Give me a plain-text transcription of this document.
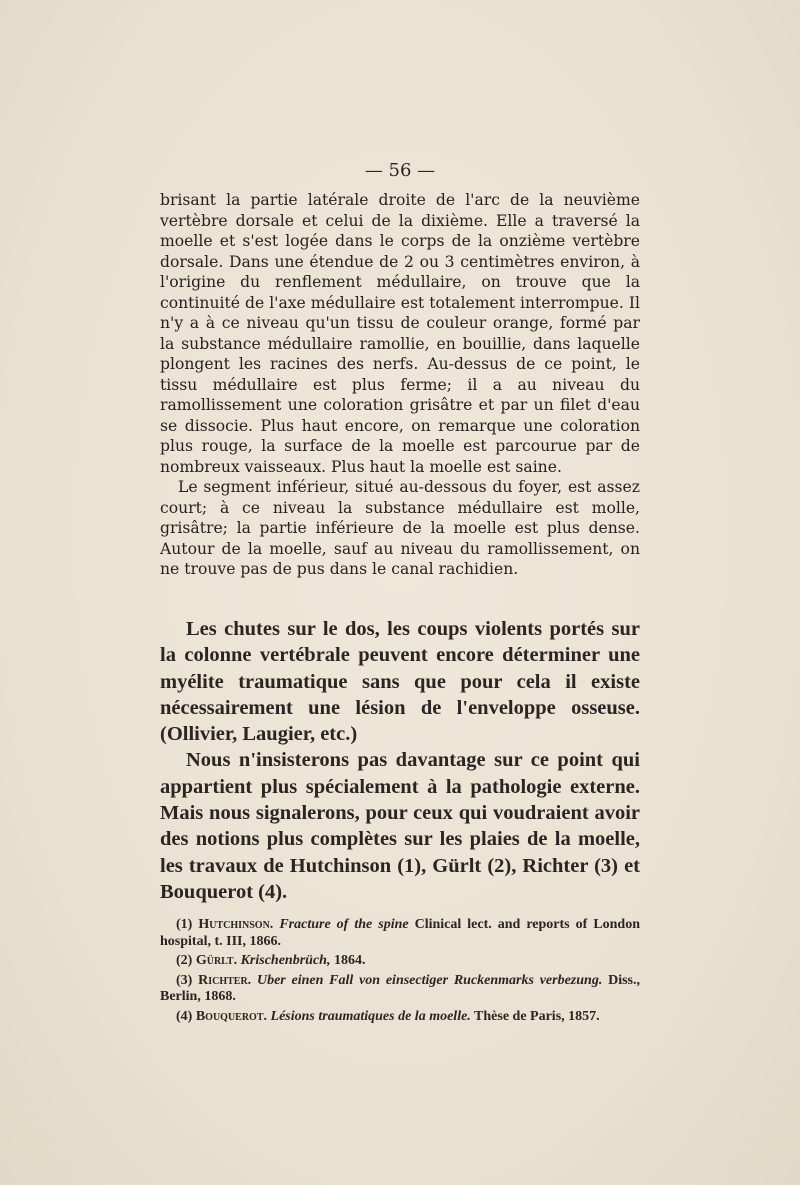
— 56 —

brisant la partie latérale droite de l'arc de la neuvième vertèbre dorsale et celui de la dixième. Elle a traversé la moelle et s'est logée dans le corps de la onzième vertèbre dorsale. Dans une étendue de 2 ou 3 centimètres environ, à l'origine du renflement médullaire, on trouve que la continuité de l'axe médullaire est totalement interrompue. Il n'y a à ce niveau qu'un tissu de couleur orange, formé par la substance médullaire ramollie, en bouillie, dans laquelle plongent les racines des nerfs. Au-dessus de ce point, le tissu médullaire est plus ferme; il a au niveau du ramollissement une coloration grisâtre et par un filet d'eau se dissocie. Plus haut encore, on remarque une coloration plus rouge, la surface de la moelle est parcourue par de nombreux vaisseaux. Plus haut la moelle est saine.

Le segment inférieur, situé au-dessous du foyer, est assez court; à ce niveau la substance médullaire est molle, grisâtre; la partie inférieure de la moelle est plus dense. Autour de la moelle, sauf au niveau du ramollissement, on ne trouve pas de pus dans le canal rachidien.

Les chutes sur le dos, les coups violents portés sur la colonne vertébrale peuvent encore déterminer une myélite traumatique sans que pour cela il existe nécessairement une lésion de l'enveloppe osseuse. (Ollivier, Laugier, etc.)

Nous n'insisterons pas davantage sur ce point qui appartient plus spécialement à la pathologie externe. Mais nous signalerons, pour ceux qui voudraient avoir des notions plus complètes sur les plaies de la moelle, les travaux de Hutchinson (1), Gürlt (2), Richter (3) et Bouquerot (4).

(1) Hutchinson. Fracture of the spine Clinical lect. and reports of London hospital, t. III, 1866.

(2) Gürlt. Krischenbrüch, 1864.

(3) Richter. Uber einen Fall von einsectiger Ruckenmarks verbezung. Diss., Berlin, 1868.

(4) Bouquerot. Lésions traumatiques de la moelle. Thèse de Paris, 1857.
